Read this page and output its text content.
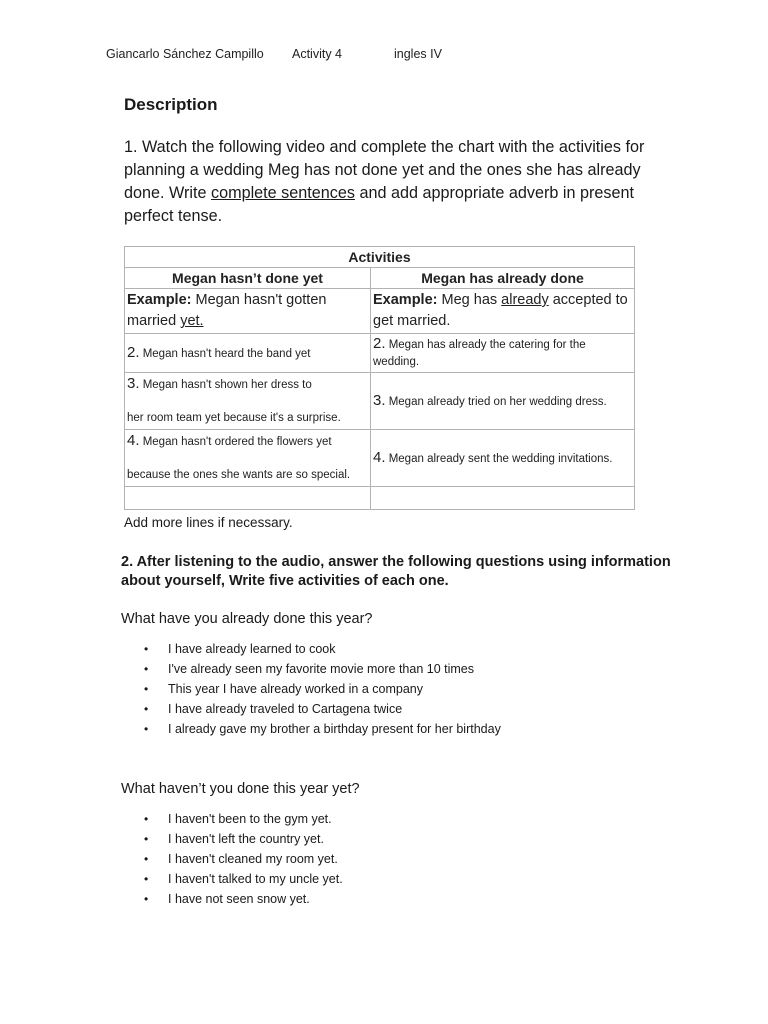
Giancarlo Sánchez Campillo Activity 4	ingles IV
Description

1. Watch the following video and complete the chart with the activities for planning a wedding Meg has not done yet and the ones she has already done. Write complete sentences and add appropriate adverb in present perfect tense.

Activities	
Megan hasn’t done yet	Megan has already done
Example: Megan hasn't gotten married yet.	Example: Meg has already accepted to get married.
2. Megan hasn't heard the band yet	2. Megan has already the catering for the wedding.

3. Megan hasn't shown her dress to
her room team yet because it's a surprise.	3. Megan already tried on her wedding dress.

4. Megan hasn't ordered the flowers yet
because the ones she wants are so special.	4. Megan already sent the wedding invitations.

Add more lines if necessary.

2. After listening to the audio, answer the following questions using information about yourself, Write five activities of each one.

What have you already done this year?

• I have already learned to cook
• I've already seen my favorite movie more than 10 times
• This year I have already worked in a company
• I have already traveled to Cartagena twice
• I already gave my brother a birthday present for her birthday

What haven’t you done this year yet?

• I haven't been to the gym yet.
• I haven't left the country yet.
• I haven't cleaned my room yet.
• I haven't talked to my uncle yet.
• I have not seen snow yet.
